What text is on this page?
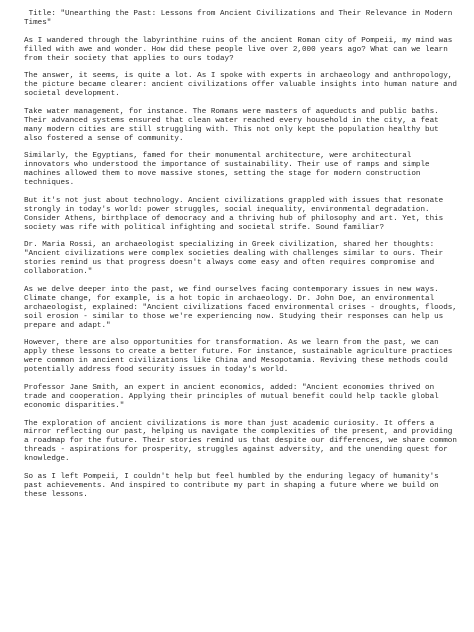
Title: "Unearthing the Past: Lessons from Ancient Civilizations and Their Relevance in Modern Times"

As I wandered through the labyrinthine ruins of the ancient Roman city of Pompeii, my mind was filled with awe and wonder. How did these people live over 2,000 years ago? What can we learn from their society that applies to ours today?

The answer, it seems, is quite a lot. As I spoke with experts in archaeology and anthropology, the picture became clearer: ancient civilizations offer valuable insights into human nature and societal development.

Take water management, for instance. The Romans were masters of aqueducts and public baths. Their advanced systems ensured that clean water reached every household in the city, a feat many modern cities are still struggling with. This not only kept the population healthy but also fostered a sense of community.

Similarly, the Egyptians, famed for their monumental architecture, were architectural innovators who understood the importance of sustainability. Their use of ramps and simple machines allowed them to move massive stones, setting the stage for modern construction techniques.

But it's not just about technology. Ancient civilizations grappled with issues that resonate strongly in today's world: power struggles, social inequality, environmental degradation. Consider Athens, birthplace of democracy and a thriving hub of philosophy and art. Yet, this society was rife with political infighting and societal strife. Sound familiar?

Dr. Maria Rossi, an archaeologist specializing in Greek civilization, shared her thoughts: "Ancient civilizations were complex societies dealing with challenges similar to ours. Their stories remind us that progress doesn't always come easy and often requires compromise and collaboration."

As we delve deeper into the past, we find ourselves facing contemporary issues in new ways. Climate change, for example, is a hot topic in archaeology. Dr. John Doe, an environmental archaeologist, explained: "Ancient civilizations faced environmental crises - droughts, floods, soil erosion - similar to those we're experiencing now. Studying their responses can help us prepare and adapt."

However, there are also opportunities for transformation. As we learn from the past, we can apply these lessons to create a better future. For instance, sustainable agriculture practices were common in ancient civilizations like China and Mesopotamia. Reviving these methods could potentially address food security issues in today's world.

Professor Jane Smith, an expert in ancient economics, added: "Ancient economies thrived on trade and cooperation. Applying their principles of mutual benefit could help tackle global economic disparities."

The exploration of ancient civilizations is more than just academic curiosity. It offers a mirror reflecting our past, helping us navigate the complexities of the present, and providing a roadmap for the future. Their stories remind us that despite our differences, we share common threads - aspirations for prosperity, struggles against adversity, and the unending quest for knowledge.

So as I left Pompeii, I couldn't help but feel humbled by the enduring legacy of humanity's past achievements. And inspired to contribute my part in shaping a future where we build on these lessons.
